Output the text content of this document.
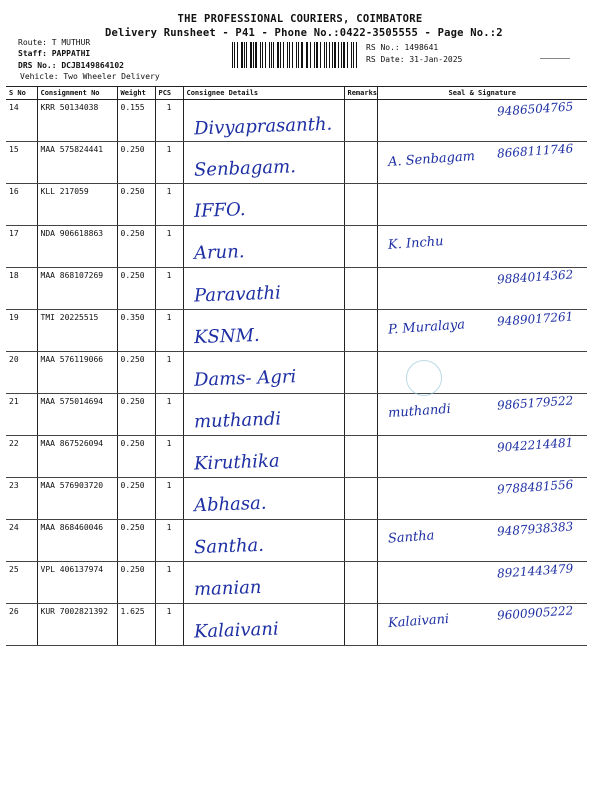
THE PROFESSIONAL COURIERS, COIMBATORE
Delivery Runsheet - P41 - Phone No.:0422-3505555 - Page No.:2
Route: T MUTHUR
Staff: PAPPATHI
DRS No.: DCJB149864102
Vehicle: Two Wheeler Delivery
RS No.: 1498641
RS Date: 31-Jan-2025
S No	Consignment No	Weight	PCS	Consignee Details	Remarks	Seal & Signature
14	KRR 50134038	0.155	1	Divyaprasanth.		9486504765

15	MAA 575824441	0.250	1	Senbagam.		A. Senbagam 8668111746

16	KLL 217059	0.250	1	IFFO.		

17	NDA 906618863	0.250	1	Arun.		K. Inchu

18	MAA 868107269	0.250	1	Paravathi		9884014362

19	TMI 20225515	0.350	1	KSNM.		P. Muralaya 9489017261

20	MAA 576119066	0.250	1	Dams- Agri		

21	MAA 575014694	0.250	1	muthandi		muthandi 9865179522

22	MAA 867526094	0.250	1	Kiruthika		9042214481

23	MAA 576903720	0.250	1	Abhasa.		9788481556

24	MAA 868460046	0.250	1	Santha.		Santha 9487938383

25	VPL 406137974	0.250	1	manian		8921443479

26	KUR 7002821392	1.625	1	Kalaivani		Kalaivani 9600905222
